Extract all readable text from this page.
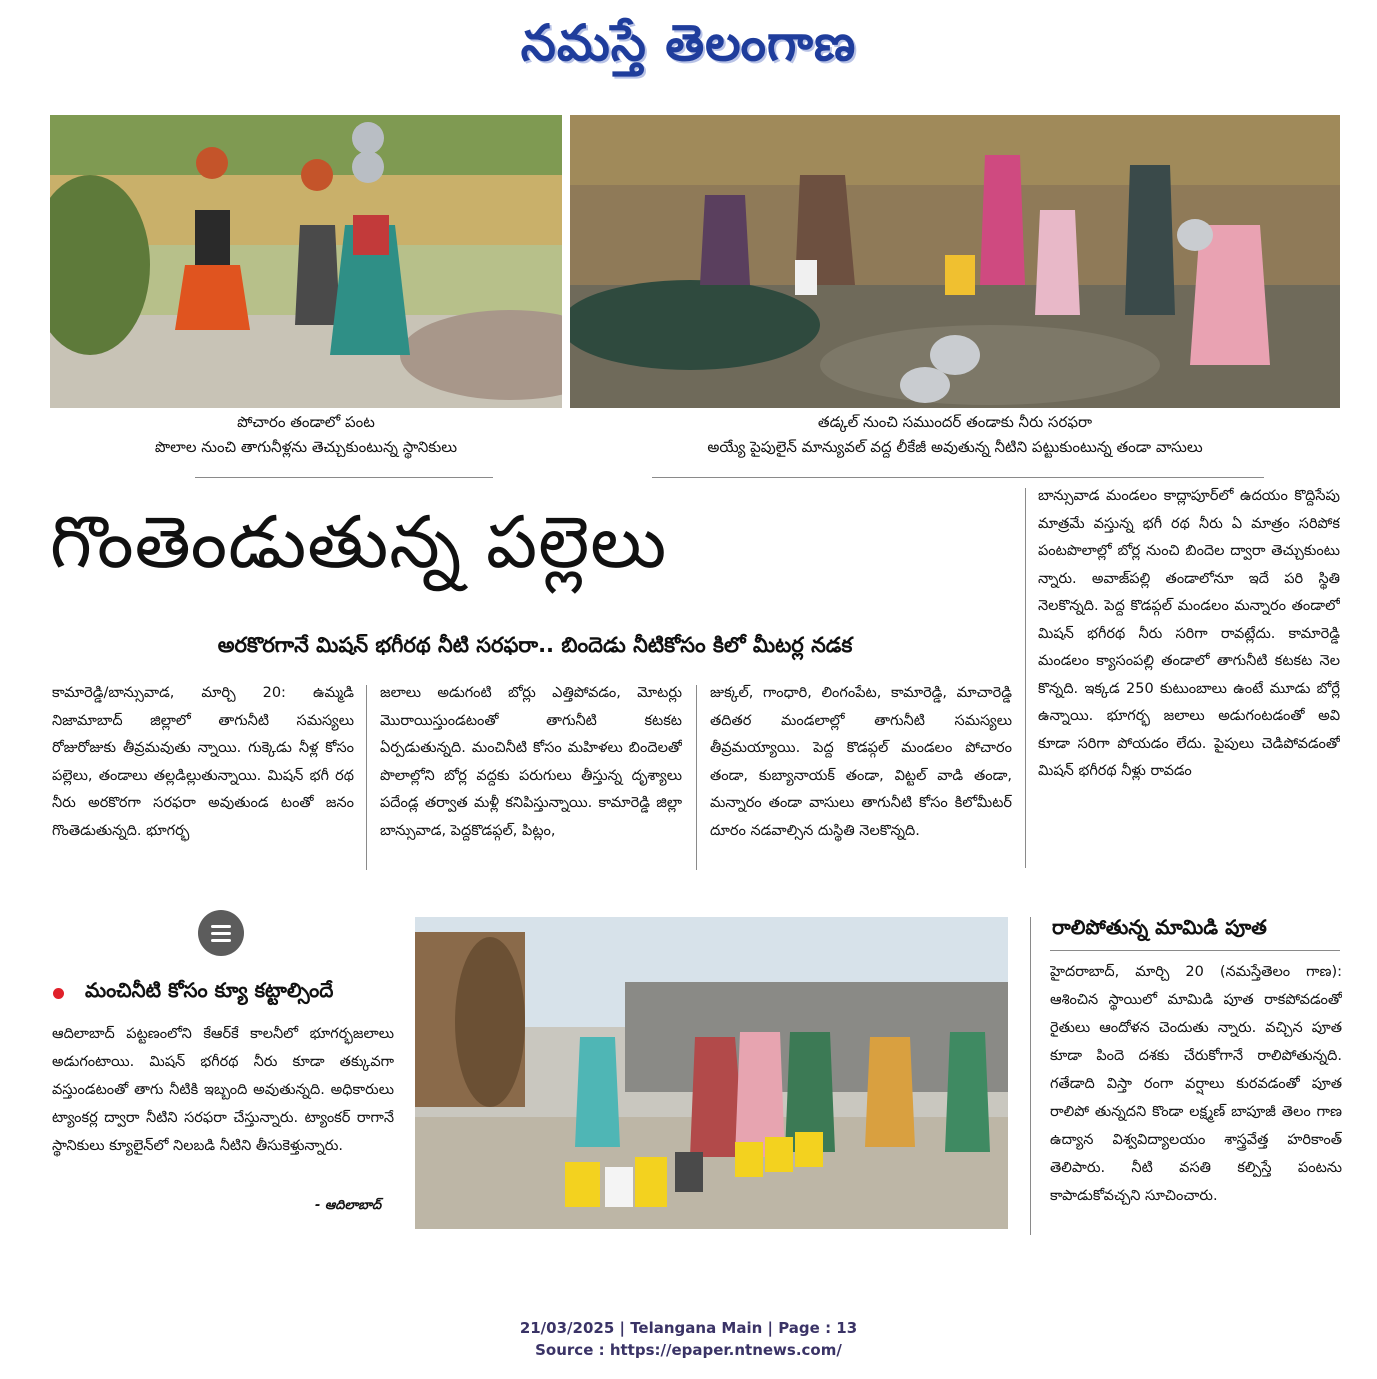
నమస్తే తెలంగాణ
పోచారం తండాలో పంట
పొలాల నుంచి తాగునీళ్లను తెచ్చుకుంటున్న స్థానికులు
తడ్కల్ నుంచి సముందర్ తండాకు నీరు సరఫరా
అయ్యే పైపులైన్ మాన్యువల్ వద్ద లీకేజీ అవుతున్న నీటిని పట్టుకుంటున్న తండా వాసులు
గొంతెండుతున్న పల్లెలు
అరకొరగానే మిషన్ భగీరథ నీటి సరఫరా.. బిందెడు నీటికోసం కిలో మీటర్ల నడక
కామారెడ్డి/బాన్సువాడ, మార్చి 20: ఉమ్మడి నిజామాబాద్ జిల్లాలో తాగునీటి సమస్యలు రోజురోజుకు తీవ్రమవుతు న్నాయి. గుక్కెడు నీళ్ల కోసం పల్లెలు, తండాలు తల్లడిల్లుతున్నాయి. మిషన్ భగీ రథ నీరు అరకొరగా సరఫరా అవుతుండ టంతో జనం గొంతెడుతున్నది. భూగర్భ
జలాలు అడుగంటి బోర్లు ఎత్తిపోవడం, మోటర్లు మొరాయిస్తుండటంతో తాగునీటి కటకట ఏర్పడుతున్నది. మంచినీటి కోసం మహిళలు బిందెలతో పొలాల్లోని బోర్ల వద్దకు పరుగులు తీస్తున్న దృశ్యాలు పదేండ్ల తర్వాత మళ్లీ కనిపిస్తున్నాయి. కామారెడ్డి జిల్లా బాన్సువాడ, పెద్దకొడప్గల్, పిట్లం,
జుక్కల్, గాంధారి, లింగంపేట, కామారెడ్డి, మాచారెడ్డి తదితర మండలాల్లో తాగునీటి సమస్యలు తీవ్రమయ్యాయి. పెద్ద కొడప్గల్ మండలం పోచారం తండా, కుబ్యానాయక్ తండా, విట్టల్ వాడి తండా, మన్నారం తండా వాసులు తాగునీటి కోసం కిలోమీటర్ దూరం నడవాల్సిన దుస్థితి నెలకొన్నది.
బాన్సువాడ మండలం కాద్లాపూర్‌లో ఉదయం కొద్దిసేపు మాత్రమే వస్తున్న భగీ రథ నీరు ఏ మాత్రం సరిపోక పంటపొలాల్లో బోర్ల నుంచి బిందెల ద్వారా తెచ్చుకుంటు న్నారు. అవాజ్‌పల్లి తండాలోనూ ఇదే పరి స్థితి నెలకొన్నది. పెద్ద కొడప్గల్ మండలం మన్నారం తండాలో మిషన్ భగీరథ నీరు సరిగా రావట్లేదు. కామారెడ్డి మండలం క్యాసంపల్లి తండాలో తాగునీటి కటకట నెల కొన్నది. ఇక్కడ 250 కుటుంబాలు ఉంటే మూడు బోర్లే ఉన్నాయి. భూగర్భ జలాలు అడుగంటడంతో అవి కూడా సరిగా పోయడం లేదు. పైపులు చెడిపోవడంతో మిషన్ భగీరథ నీళ్లు రావడం
మంచినీటి కోసం క్యూ కట్టాల్సిందే
ఆదిలాబాద్ పట్టణంలోని కేఆర్‌కే కాలనీలో భూగర్భజలాలు అడుగంటాయి. మిషన్ భగీరథ నీరు కూడా తక్కువగా వస్తుండటంతో తాగు నీటికి ఇబ్బంది అవుతున్నది. అధికారులు ట్యాంకర్ల ద్వారా నీటిని సరఫరా చేస్తున్నారు. ట్యాంకర్ రాగానే స్థానికులు క్యూలైన్‌లో నిలబడి నీటిని తీసుకెళ్తున్నారు.
- ఆదిలాబాద్
రాలిపోతున్న మామిడి పూత
హైదరాబాద్, మార్చి 20 (నమస్తేతెలం గాణ): ఆశించిన స్థాయిలో మామిడి పూత రాకపోవడంతో రైతులు ఆందోళన చెందుతు న్నారు. వచ్చిన పూత కూడా పిందె దశకు చేరుకోగానే రాలిపోతున్నది. గతేడాది విస్తా రంగా వర్షాలు కురవడంతో పూత రాలిపో తున్నదని కొండా లక్ష్మణ్ బాపూజీ తెలం గాణ ఉద్యాన విశ్వవిద్యాలయం శాస్త్రవేత్త హరికాంత్ తెలిపారు. నీటి వసతి కల్పిస్తే పంటను కాపాడుకోవచ్చని సూచించారు.
21/03/2025 | Telangana Main | Page : 13
Source : https://epaper.ntnews.com/
